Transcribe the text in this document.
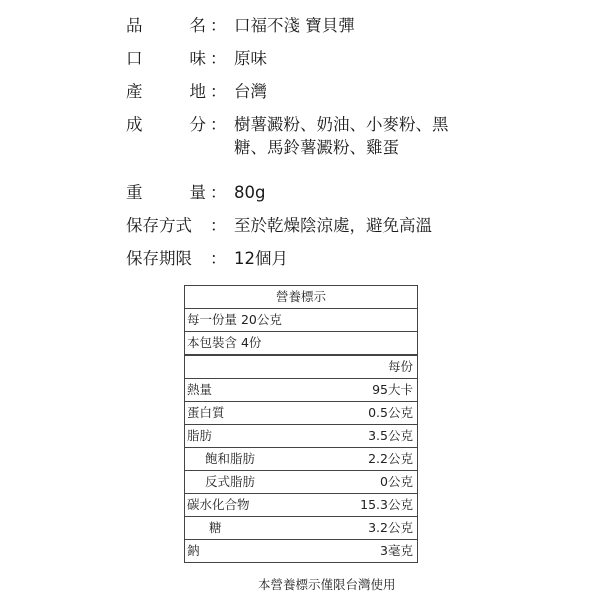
品	名 ： 口福不淺 寶貝彈
口	味 ： 原味
產	地 ： 台灣
成	分 ： 樹薯澱粉、奶油、小麥粉、黑
糖、馬鈴薯澱粉、雞蛋
重	量 ： 80g
保存方式	： 至於乾燥陰涼處，避免高溫
保存期限	： 12個月
營養標示
每一份量 20公克
本包裝含 4份
每份
熱量	95大卡
蛋白質	0.5公克
脂肪	3.5公克
飽和脂肪	2.2公克
反式脂肪	0公克
碳水化合物	15.3公克
糖	3.2公克
鈉	3毫克
本營養標示僅限台灣使用
